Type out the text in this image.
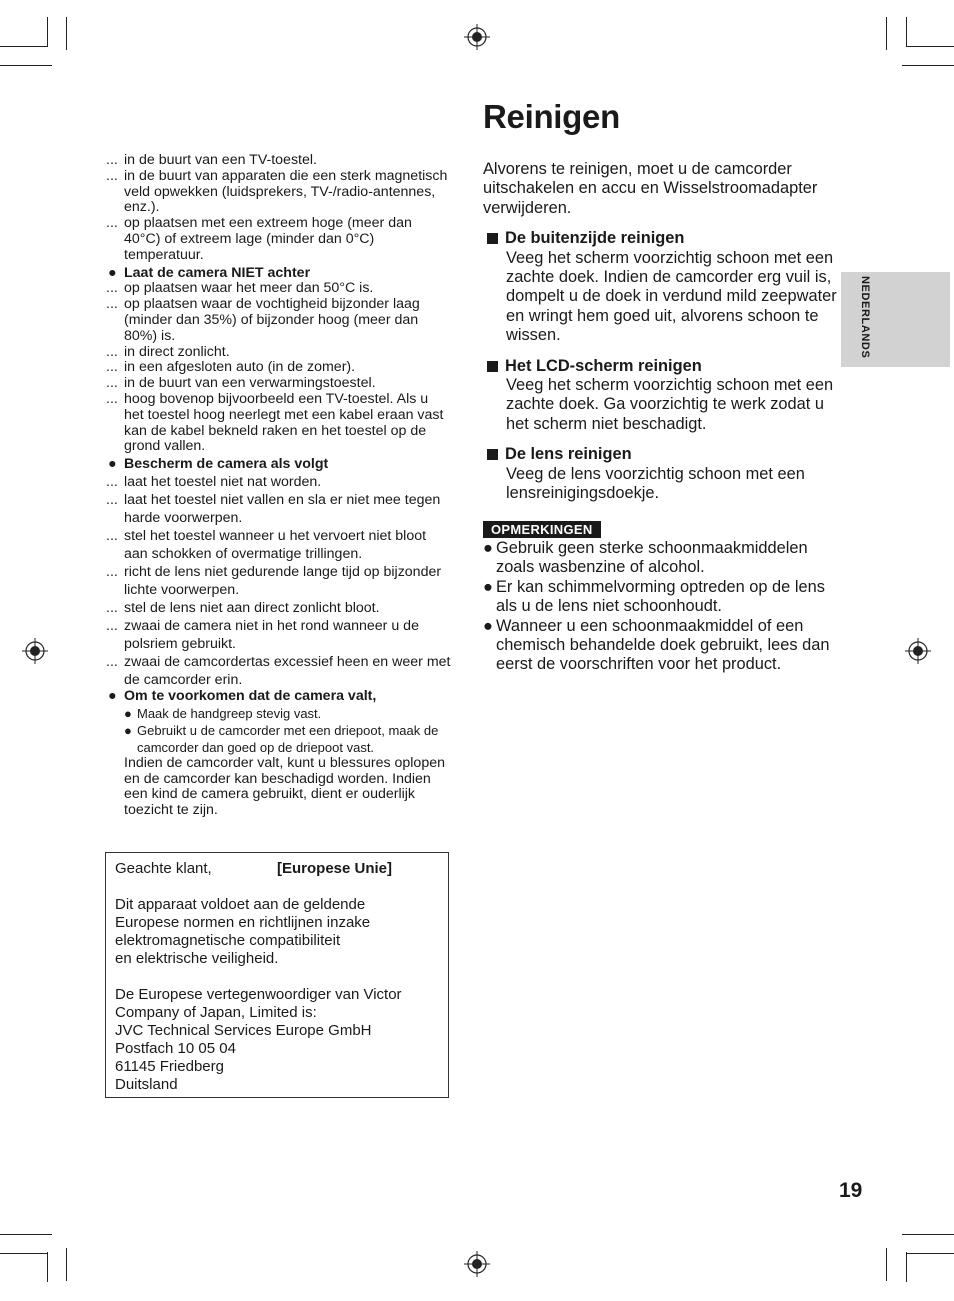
... in de buurt van een TV-toestel.
... in de buurt van apparaten die een sterk magnetisch veld opwekken (luidsprekers, TV-/radio-antennes, enz.).
... op plaatsen met een extreem hoge (meer dan 40°C) of extreem lage (minder dan 0°C) temperatuur.
● Laat de camera NIET achter
... op plaatsen waar het meer dan 50°C is.
... op plaatsen waar de vochtigheid bijzonder laag (minder dan 35%) of bijzonder hoog (meer dan 80%) is.
... in direct zonlicht.
... in een afgesloten auto (in de zomer).
... in de buurt van een verwarmingstoestel.
... hoog bovenop bijvoorbeeld een TV-toestel. Als u het toestel hoog neerlegt met een kabel eraan vast kan de kabel bekneld raken en het toestel op de grond vallen.
● Bescherm de camera als volgt
... laat het toestel niet nat worden.
... laat het toestel niet vallen en sla er niet mee tegen harde voorwerpen.
... stel het toestel wanneer u het vervoert niet bloot aan schokken of overmatige trillingen.
... richt de lens niet gedurende lange tijd op bijzonder lichte voorwerpen.
... stel de lens niet aan direct zonlicht bloot.
... zwaai de camera niet in het rond wanneer u de polsriem gebruikt.
... zwaai de camcordertas excessief heen en weer met de camcorder erin.
● Om te voorkomen dat de camera valt,
● Maak de handgreep stevig vast.
● Gebruikt u de camcorder met een driepoot, maak de camcorder dan goed op de driepoot vast.
Indien de camcorder valt, kunt u blessures oplopen en de camcorder kan beschadigd worden. Indien een kind de camera gebruikt, dient er ouderlijk toezicht te zijn.
Geachte klant,	[Europese Unie]
Dit apparaat voldoet aan de geldende
Europese normen en richtlijnen inzake
elektromagnetische compatibiliteit
en elektrische veiligheid.
De Europese vertegenwoordiger van Victor
Company of Japan, Limited is:
JVC Technical Services Europe GmbH
Postfach 10 05 04
61145 Friedberg
Duitsland
Reinigen
Alvorens te reinigen, moet u de camcorder uitschakelen en accu en Wisselstroomadapter verwijderen.
De buitenzijde reinigen
Veeg het scherm voorzichtig schoon met een zachte doek. Indien de camcorder erg vuil is, dompelt u de doek in verdund mild zeepwater en wringt hem goed uit, alvorens schoon te wissen.
Het LCD-scherm reinigen
Veeg het scherm voorzichtig schoon met een zachte doek. Ga voorzichtig te werk zodat u het scherm niet beschadigt.
De lens reinigen
Veeg de lens voorzichtig schoon met een lensreinigingsdoekje.
OPMERKINGEN
● Gebruik geen sterke schoonmaakmiddelen zoals wasbenzine of alcohol.
● Er kan schimmelvorming optreden op de lens als u de lens niet schoonhoudt.
● Wanneer u een schoonmaakmiddel of een chemisch behandelde doek gebruikt, lees dan eerst de voorschriften voor het product.
NEDERLANDS
19
